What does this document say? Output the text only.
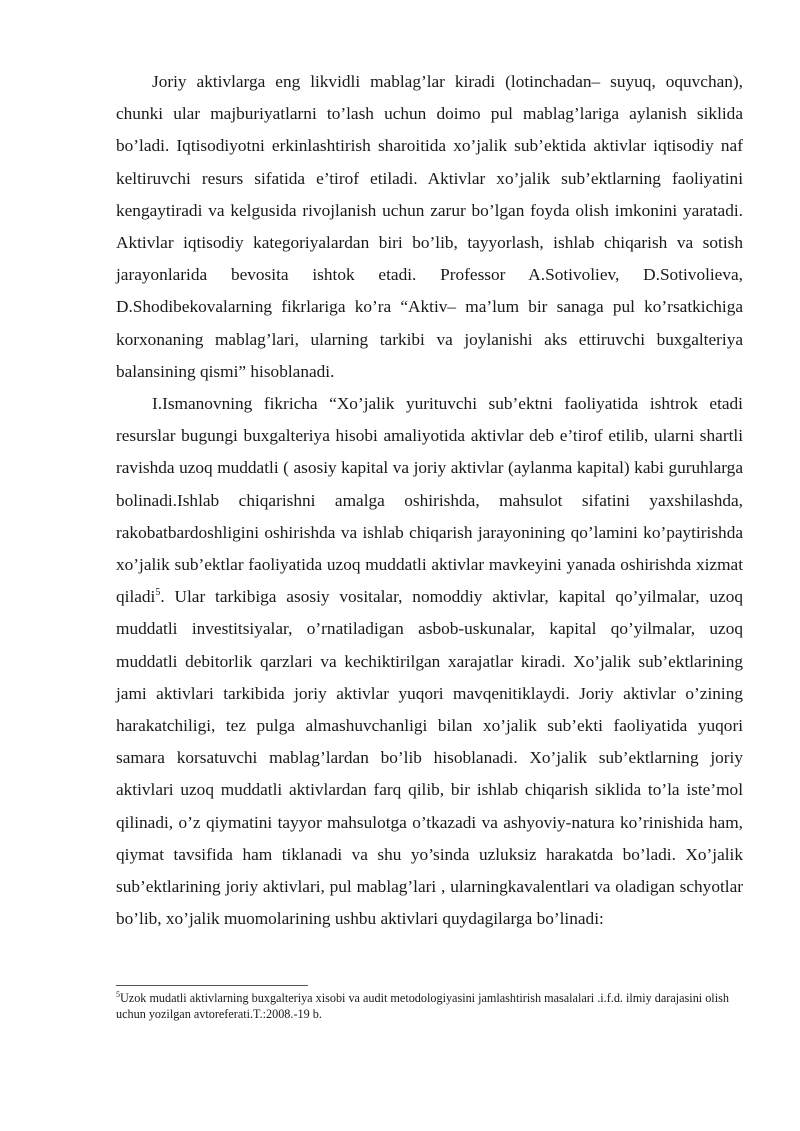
Joriy aktivlarga eng likvidli mablag’lar kiradi (lotinchadan– suyuq, oquvchan), chunki ular majburiyatlarni to’lash uchun doimo pul mablag’lariga aylanish siklida bo’ladi. Iqtisodiyotni erkinlashtirish sharoitida xo’jalik sub’ektida aktivlar iqtisodiy naf keltiruvchi resurs sifatida e’tirof etiladi. Aktivlar xo’jalik sub’ektlarning faoliyatini kengaytiradi va kelgusida rivojlanish uchun zarur bo’lgan foyda olish imkonini yaratadi. Aktivlar iqtisodiy kategoriyalardan biri bo’lib, tayyorlash, ishlab chiqarish va sotish jarayonlarida bevosita ishtok etadi. Professor A.Sotivoliev, D.Sotivolieva, D.Shodibekovalarning fikrlariga ko’ra “Aktiv– ma’lum bir sanaga pul ko’rsatkichiga korxonaning mablag’lari, ularning tarkibi va joylanishi aks ettiruvchi buxgalteriya balansining qismi” hisoblanadi.

I.Ismanovning fikricha “Xo’jalik yurituvchi sub’ektni faoliyatida ishtrok etadi resurslar bugungi buxgalteriya hisobi amaliyotida aktivlar deb e’tirof etilib, ularni shartli ravishda uzoq muddatli ( asosiy kapital va joriy aktivlar (aylanma kapital) kabi guruhlarga bolinadi.Ishlab chiqarishni amalga oshirishda, mahsulot sifatini yaxshilashda, rakobatbardoshligini oshirishda va ishlab chiqarish jarayonining qo’lamini ko’paytirishda xo’jalik sub’ektlar faoliyatida uzoq muddatli aktivlar mavkeyini yanada oshirishda xizmat qiladi$^5$. Ular tarkibiga asosiy vositalar, nomoddiy aktivlar, kapital qo’yilmalar, uzoq muddatli investitsiyalar, o’rnatiladigan asbob-uskunalar, kapital qo’yilmalar, uzoq muddatli debitorlik qarzlari va kechiktirilgan xarajatlar kiradi. Xo’jalik sub’ektlarining jami aktivlari tarkibida joriy aktivlar yuqori mavqenitiklaydi. Joriy aktivlar o’zining harakatchiligi, tez pulga almashuvchanligi bilan xo’jalik sub’ekti faoliyatida yuqori samara korsatuvchi mablag’lardan bo’lib hisoblanadi. Xo’jalik sub’ektlarning joriy aktivlari uzoq muddatli aktivlardan farq qilib, bir ishlab chiqarish siklida to’la iste’mol qilinadi, o’z qiymatini tayyor mahsulotga o’tkazadi va ashyoviy-natura ko’rinishida ham, qiymat tavsifida ham tiklanadi va shu yo’sinda uzluksiz harakatda bo’ladi. Xo’jalik sub’ektlarining joriy aktivlari, pul mablag’lari , ularningkavalentlari va oladigan schyotlar bo’lib, xo’jalik muomolarining ushbu aktivlari quydagilarga bo’linadi:

$^5$Uzok mudatli aktivlarning buxgalteriya xisobi va audit metodologiyasini jamlashtirish masalalari .i.f.d. ilmiy darajasini olish uchun yozilgan avtoreferati.T.:2008.-19 b.
